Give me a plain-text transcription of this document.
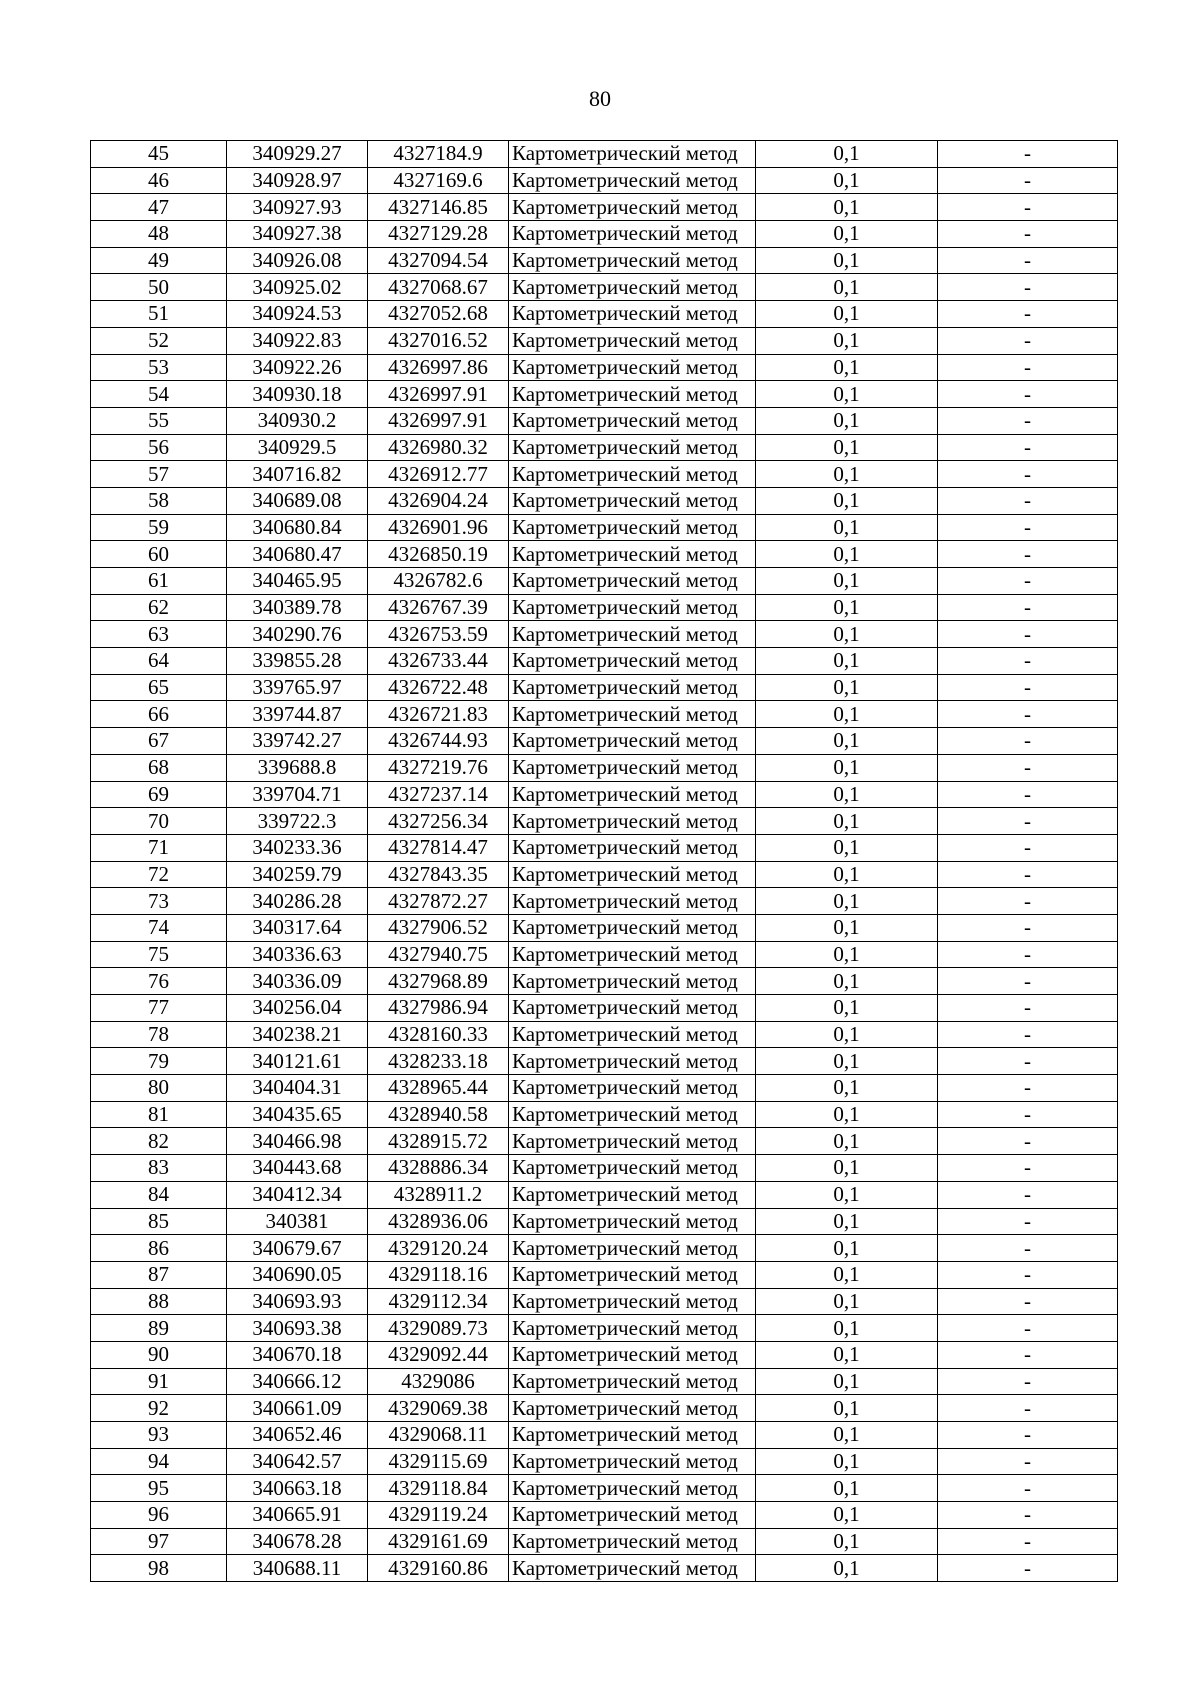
80
45	340929.27	4327184.9	Картометрический метод	0,1	-
46	340928.97	4327169.6	Картометрический метод	0,1	-
47	340927.93	4327146.85	Картометрический метод	0,1	-
48	340927.38	4327129.28	Картометрический метод	0,1	-
49	340926.08	4327094.54	Картометрический метод	0,1	-
50	340925.02	4327068.67	Картометрический метод	0,1	-
51	340924.53	4327052.68	Картометрический метод	0,1	-
52	340922.83	4327016.52	Картометрический метод	0,1	-
53	340922.26	4326997.86	Картометрический метод	0,1	-
54	340930.18	4326997.91	Картометрический метод	0,1	-
55	340930.2	4326997.91	Картометрический метод	0,1	-
56	340929.5	4326980.32	Картометрический метод	0,1	-
57	340716.82	4326912.77	Картометрический метод	0,1	-
58	340689.08	4326904.24	Картометрический метод	0,1	-
59	340680.84	4326901.96	Картометрический метод	0,1	-
60	340680.47	4326850.19	Картометрический метод	0,1	-
61	340465.95	4326782.6	Картометрический метод	0,1	-
62	340389.78	4326767.39	Картометрический метод	0,1	-
63	340290.76	4326753.59	Картометрический метод	0,1	-
64	339855.28	4326733.44	Картометрический метод	0,1	-
65	339765.97	4326722.48	Картометрический метод	0,1	-
66	339744.87	4326721.83	Картометрический метод	0,1	-
67	339742.27	4326744.93	Картометрический метод	0,1	-
68	339688.8	4327219.76	Картометрический метод	0,1	-
69	339704.71	4327237.14	Картометрический метод	0,1	-
70	339722.3	4327256.34	Картометрический метод	0,1	-
71	340233.36	4327814.47	Картометрический метод	0,1	-
72	340259.79	4327843.35	Картометрический метод	0,1	-
73	340286.28	4327872.27	Картометрический метод	0,1	-
74	340317.64	4327906.52	Картометрический метод	0,1	-
75	340336.63	4327940.75	Картометрический метод	0,1	-
76	340336.09	4327968.89	Картометрический метод	0,1	-
77	340256.04	4327986.94	Картометрический метод	0,1	-
78	340238.21	4328160.33	Картометрический метод	0,1	-
79	340121.61	4328233.18	Картометрический метод	0,1	-
80	340404.31	4328965.44	Картометрический метод	0,1	-
81	340435.65	4328940.58	Картометрический метод	0,1	-
82	340466.98	4328915.72	Картометрический метод	0,1	-
83	340443.68	4328886.34	Картометрический метод	0,1	-
84	340412.34	4328911.2	Картометрический метод	0,1	-
85	340381	4328936.06	Картометрический метод	0,1	-
86	340679.67	4329120.24	Картометрический метод	0,1	-
87	340690.05	4329118.16	Картометрический метод	0,1	-
88	340693.93	4329112.34	Картометрический метод	0,1	-
89	340693.38	4329089.73	Картометрический метод	0,1	-
90	340670.18	4329092.44	Картометрический метод	0,1	-
91	340666.12	4329086	Картометрический метод	0,1	-
92	340661.09	4329069.38	Картометрический метод	0,1	-
93	340652.46	4329068.11	Картометрический метод	0,1	-
94	340642.57	4329115.69	Картометрический метод	0,1	-
95	340663.18	4329118.84	Картометрический метод	0,1	-
96	340665.91	4329119.24	Картометрический метод	0,1	-
97	340678.28	4329161.69	Картометрический метод	0,1	-
98	340688.11	4329160.86	Картометрический метод	0,1	-
